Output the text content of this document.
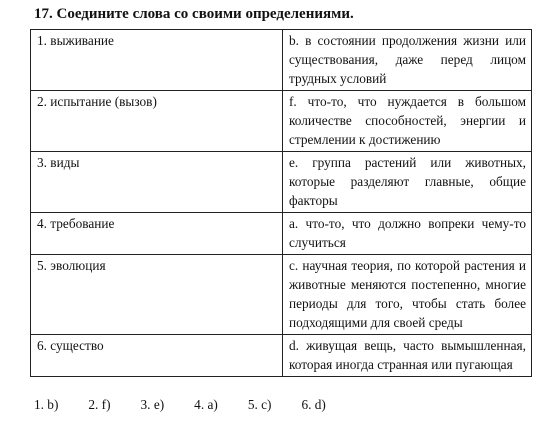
17. Соедините слова со своими определениями.
1. выживание	b. в состоянии продолжения жизни или существования, даже перед лицом трудных условий
2. испытание (вызов)	f. что-то, что нуждается в большом количестве способностей, энергии и стремлении к достижению
3. виды	е. группа растений или животных, которые разделяют главные, общие факторы
4. требование	а. что-то, что должно вопреки чему-то случиться
5. эволюция	с. научная теория, по которой растения и животные меняются постепенно, многие периоды для того, чтобы стать более подходящими для своей среды
6. существо	d. живущая вещь, часто вымышленная, которая иногда странная или пугающая
1. b) 2. f) 3. е) 4. а) 5. с) 6. d)
